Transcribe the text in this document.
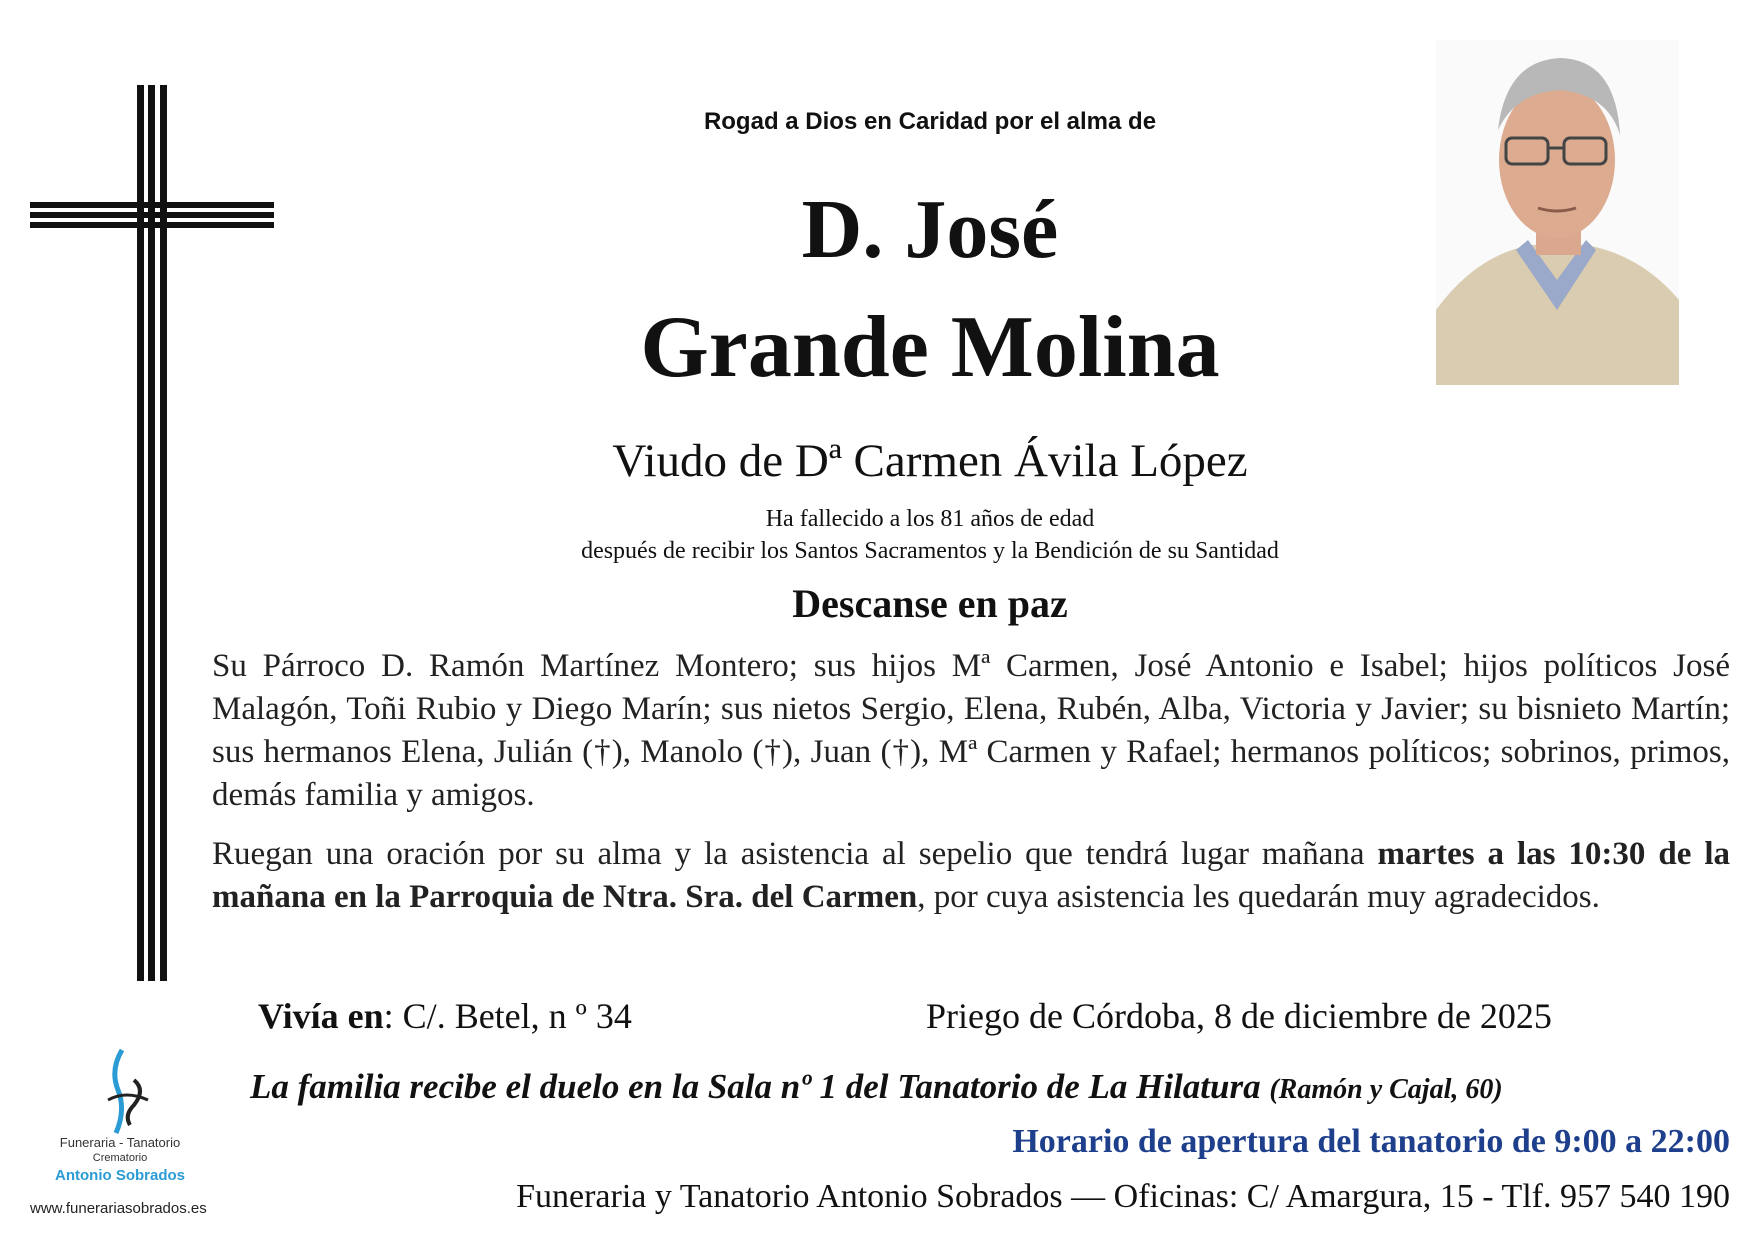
Rogad a Dios en Caridad por el alma de
D. José
Grande Molina
Viudo de Dª Carmen Ávila López
Ha fallecido a los 81 años de edad
después de recibir los Santos Sacramentos y la Bendición de su Santidad
Descanse en paz
Su Párroco D. Ramón Martínez Montero; sus hijos Mª Carmen, José Antonio e Isabel; hijos políticos José Malagón, Toñi Rubio y Diego Marín; sus nietos Sergio, Elena, Rubén, Alba, Victoria y Javier; su bisnieto Martín; sus hermanos Elena, Julián (†), Manolo (†), Juan (†), Mª Carmen y Rafael; hermanos políticos; sobrinos, primos, demás familia y amigos.
Ruegan una oración por su alma y la asistencia al sepelio que tendrá lugar mañana martes a las 10:30 de la mañana en la Parroquia de Ntra. Sra. del Carmen, por cuya asistencia les quedarán muy agradecidos.
Vivía en: C/. Betel, n º 34	Priego de Córdoba, 8 de diciembre de 2025
La familia recibe el duelo en la Sala nº 1 del Tanatorio de La Hilatura (Ramón y Cajal, 60)
Horario de apertura del tanatorio de 9:00 a 22:00
Funeraria y Tanatorio Antonio Sobrados — Oficinas: C/ Amargura, 15 - Tlf. 957 540 190
Funeraria - Tanatorio
Crematorio
Antonio Sobrados
www.funerariasobrados.es
